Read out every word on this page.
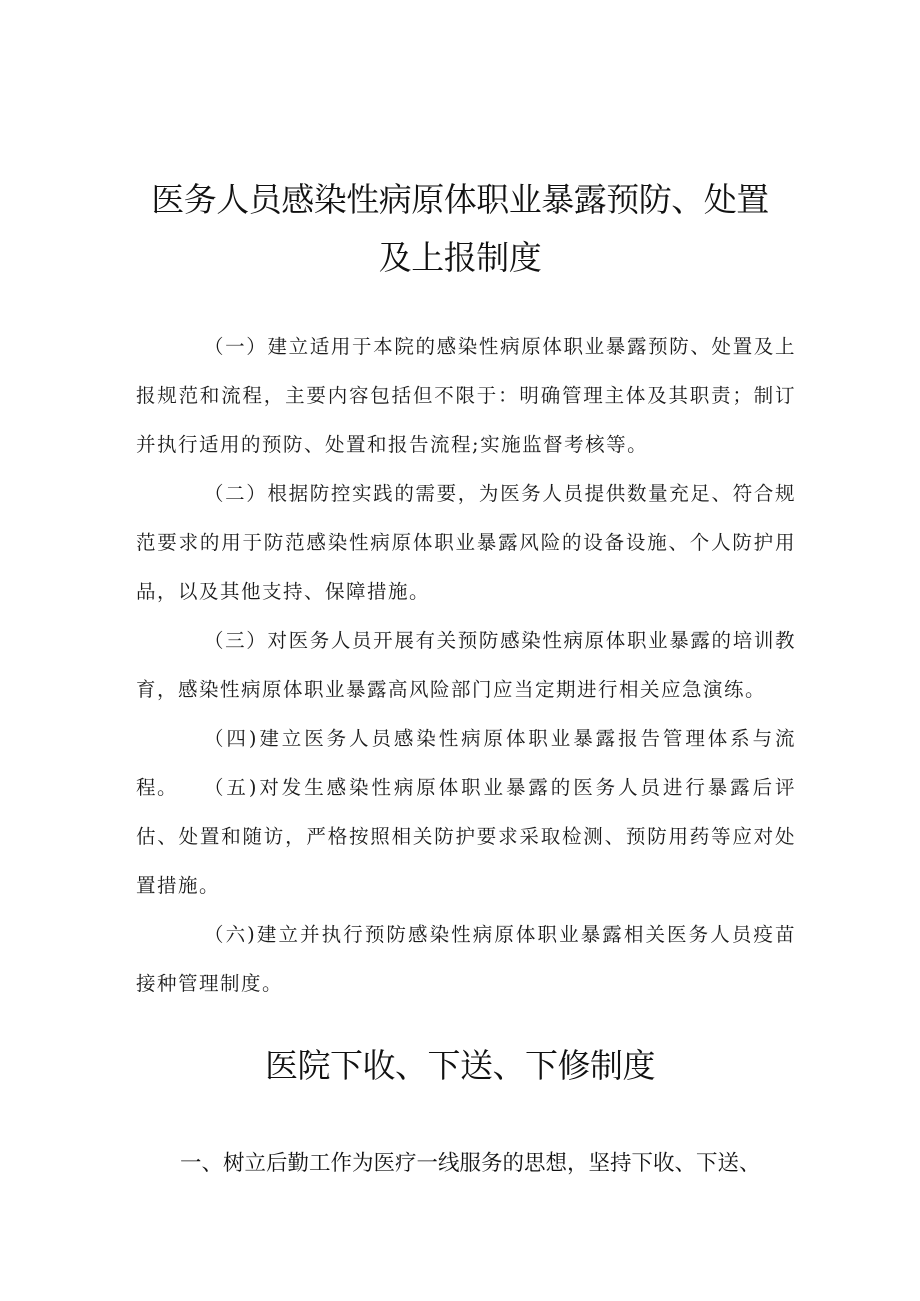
医务人员感染性病原体职业暴露预防、处置
及上报制度

（一）建立适用于本院的感染性病原体职业暴露预防、处置及上报规范和流程，主要内容包括但不限于：明确管理主体及其职责；制订并执行适用的预防、处置和报告流程;实施监督考核等。

（二）根据防控实践的需要，为医务人员提供数量充足、符合规范要求的用于防范感染性病原体职业暴露风险的设备设施、个人防护用品，以及其他支持、保障措施。

（三）对医务人员开展有关预防感染性病原体职业暴露的培训教育，感染性病原体职业暴露高风险部门应当定期进行相关应急演练。

（四)建立医务人员感染性病原体职业暴露报告管理体系与流程。	（五)对发生感染性病原体职业暴露的医务人员进行暴露后评估、处置和随访，严格按照相关防护要求采取检测、预防用药等应对处置措施。

（六)建立并执行预防感染性病原体职业暴露相关医务人员疫苗接种管理制度。

医院下收、下送、下修制度

一、树立后勤工作为医疗一线服务的思想，坚持下收、下送、
